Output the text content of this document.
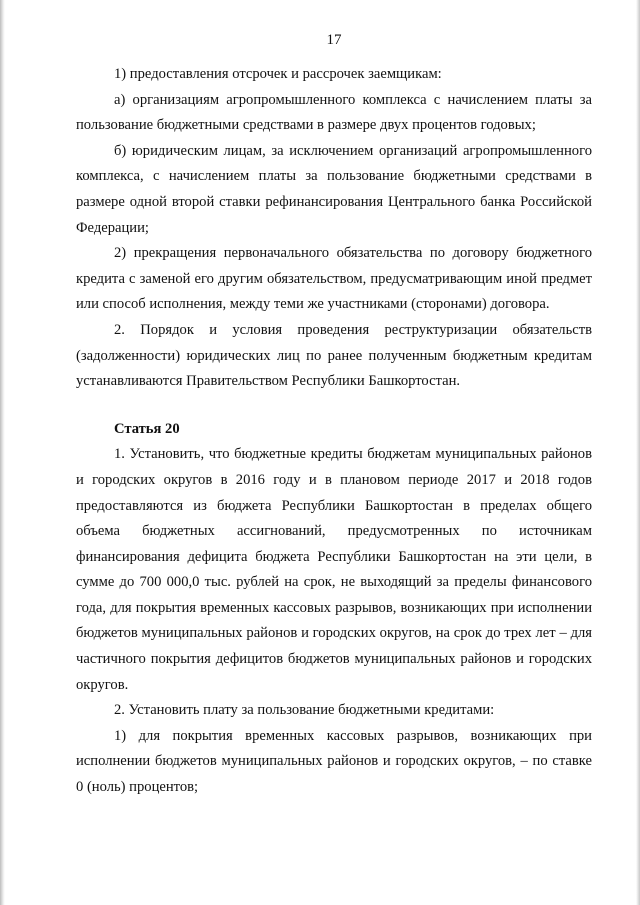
17

1) предоставления отсрочек и рассрочек заемщикам:

а) организациям агропромышленного комплекса с начислением платы за пользование бюджетными средствами в размере двух процентов годовых;

б) юридическим лицам, за исключением организаций агропромышленного комплекса, с начислением платы за пользование бюджетными средствами в размере одной второй ставки рефинансирования Центрального банка Российской Федерации;

2) прекращения первоначального обязательства по договору бюджетного кредита с заменой его другим обязательством, предусматривающим иной предмет или способ исполнения, между теми же участниками (сторонами) договора.

2. Порядок и условия проведения реструктуризации обязательств (задолженности) юридических лиц по ранее полученным бюджетным кредитам устанавливаются Правительством Республики Башкортостан.

Статья 20

1. Установить, что бюджетные кредиты бюджетам муниципальных районов и городских округов в 2016 году и в плановом периоде 2017 и 2018 годов предоставляются из бюджета Республики Башкортостан в пределах общего объема бюджетных ассигнований, предусмотренных по источникам финансирования дефицита бюджета Республики Башкортостан на эти цели, в сумме до 700 000,0 тыс. рублей на срок, не выходящий за пределы финансового года, для покрытия временных кассовых разрывов, возникающих при исполнении бюджетов муниципальных районов и городских округов, на срок до трех лет – для частичного покрытия дефицитов бюджетов муниципальных районов и городских округов.

2. Установить плату за пользование бюджетными кредитами:

1) для покрытия временных кассовых разрывов, возникающих при исполнении бюджетов муниципальных районов и городских округов, – по ставке 0 (ноль) процентов;
